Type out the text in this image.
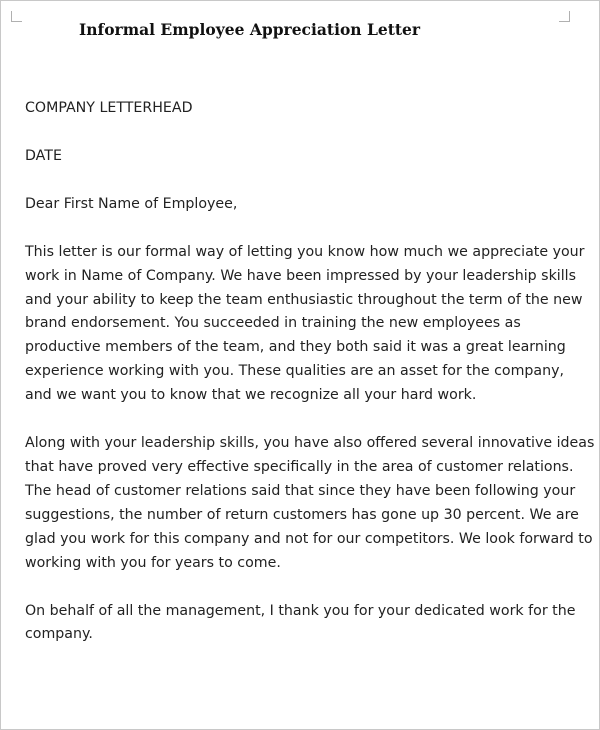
Informal Employee Appreciation Letter

COMPANY LETTERHEAD

DATE

Dear First Name of Employee,

This letter is our formal way of letting you know how much we appreciate your
work in Name of Company. We have been impressed by your leadership skills
and your ability to keep the team enthusiastic throughout the term of the new
brand endorsement. You succeeded in training the new employees as
productive members of the team, and they both said it was a great learning
experience working with you. These qualities are an asset for the company,
and we want you to know that we recognize all your hard work.

Along with your leadership skills, you have also offered several innovative ideas
that have proved very effective specifically in the area of customer relations.
The head of customer relations said that since they have been following your
suggestions, the number of return customers has gone up 30 percent. We are
glad you work for this company and not for our competitors. We look forward to
working with you for years to come.

On behalf of all the management, I thank you for your dedicated work for the
company.
